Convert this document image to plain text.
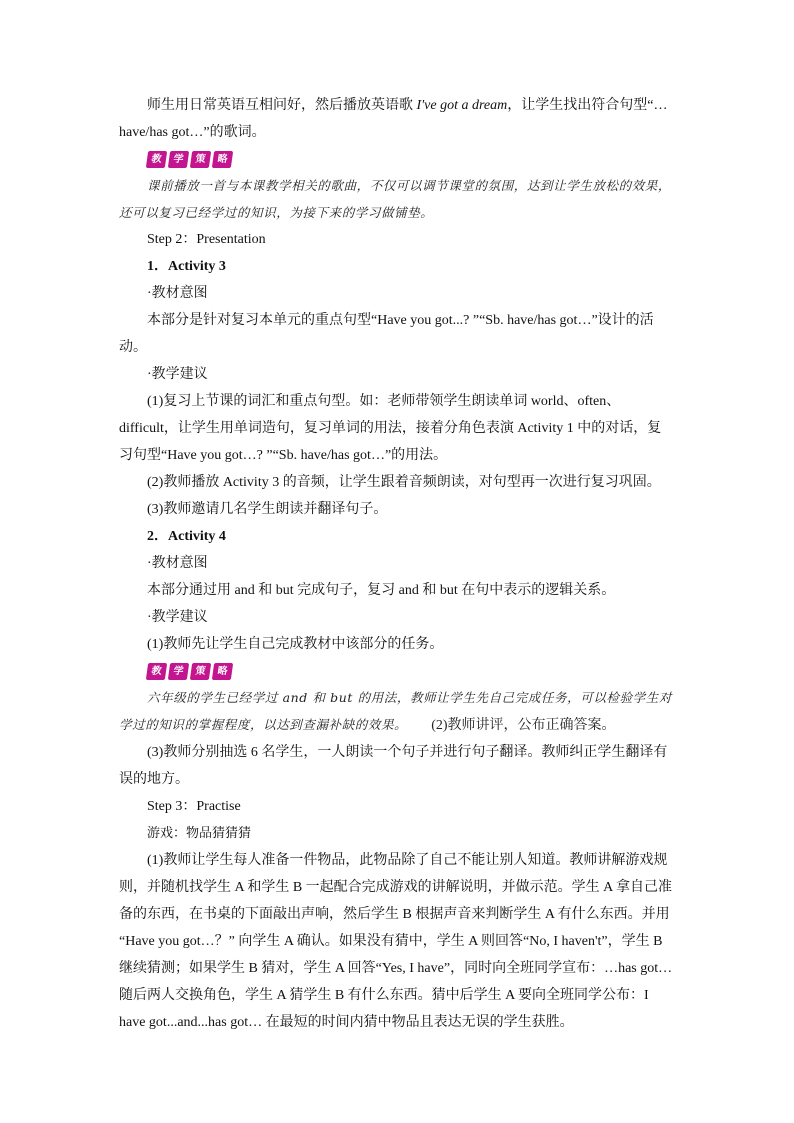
师生用日常英语互相问好，然后播放英语歌 I've got a dream，让学生找出符合句型“…have/has got…”的歌词。

教	学	策	略

课前播放一首与本课教学相关的歌曲，不仅可以调节课堂的氛围，达到让学生放松的效果，还可以复习已经学过的知识，为接下来的学习做铺垫。

Step 2：Presentation

1．Activity 3

·教材意图

本部分是针对复习本单元的重点句型“Have you got...? ”“Sb. have/has got…”设计的活动。

·教学建议

(1)复习上节课的词汇和重点句型。如：老师带领学生朗读单词 world、often、difficult，让学生用单词造句，复习单词的用法，接着分角色表演 Activity 1 中的对话，复习句型“Have you got…? ”“Sb. have/has got…”的用法。

(2)教师播放 Activity 3 的音频，让学生跟着音频朗读，对句型再一次进行复习巩固。

(3)教师邀请几名学生朗读并翻译句子。

2．Activity 4

·教材意图

本部分通过用 and 和 but 完成句子，复习 and 和 but 在句中表示的逻辑关系。

·教学建议

(1)教师先让学生自己完成教材中该部分的任务。

教	学	策	略

六年级的学生已经学过 and 和 but 的用法，教师让学生先自己完成任务，可以检验学生对学过的知识的掌握程度，以达到查漏补缺的效果。 (2)教师讲评，公布正确答案。

(3)教师分别抽选 6 名学生，一人朗读一个句子并进行句子翻译。教师纠正学生翻译有误的地方。

Step 3：Practise

游戏：物品猜猜猜

(1)教师让学生每人准备一件物品，此物品除了自己不能让别人知道。教师讲解游戏规则，并随机找学生 A 和学生 B 一起配合完成游戏的讲解说明，并做示范。学生 A 拿自己准备的东西，在书桌的下面敲出声响，然后学生 B 根据声音来判断学生 A 有什么东西。并用 “Have you got…？” 向学生 A 确认。如果没有猜中，学生 A 则回答“No, I haven't”，学生 B 继续猜测；如果学生 B 猜对，学生 A 回答“Yes, I have”，同时向全班同学宣布：…has got… 随后两人交换角色，学生 A 猜学生 B 有什么东西。猜中后学生 A 要向全班同学公布：I have got...and...has got… 在最短的时间内猜中物品且表达无误的学生获胜。
